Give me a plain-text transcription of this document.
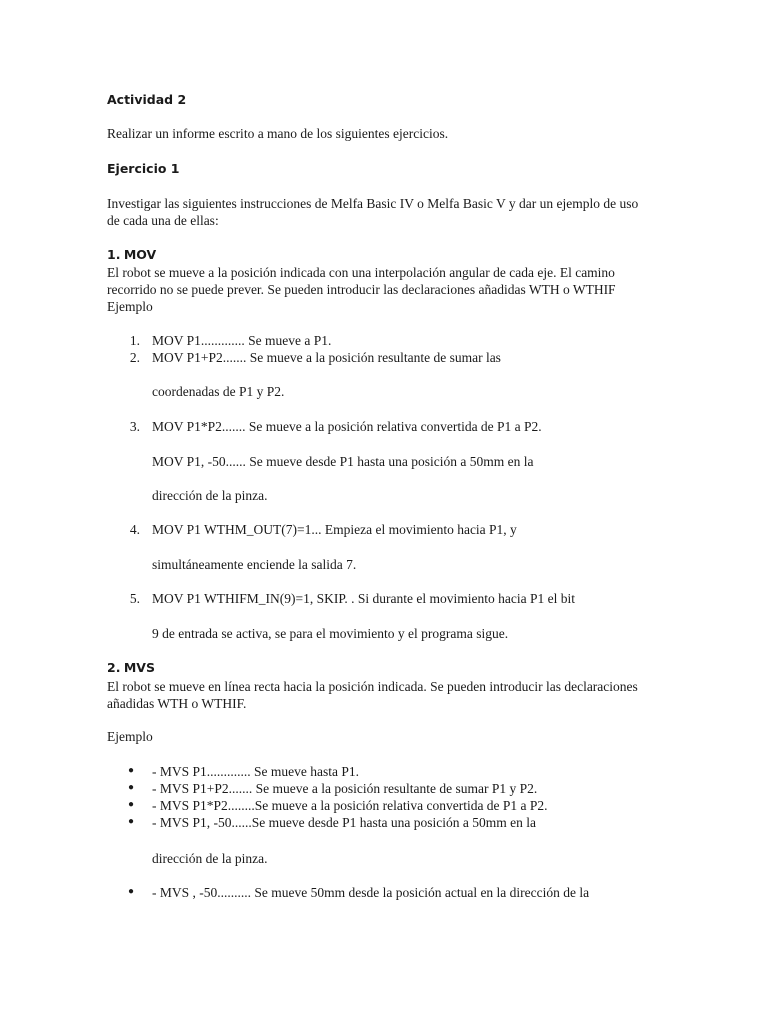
Actividad 2
Realizar un informe escrito a mano de los siguientes ejercicios.
Ejercicio 1
Investigar las siguientes instrucciones de Melfa Basic IV o Melfa Basic V y dar un ejemplo de uso
de cada una de ellas:
1. MOV
El robot se mueve a la posición indicada con una interpolación angular de cada eje. El camino
recorrido no se puede prever. Se pueden introducir las declaraciones añadidas WTH o WTHIF
Ejemplo
1. MOV P1............. Se mueve a P1.
2. MOV P1+P2....... Se mueve a la posición resultante de sumar las
coordenadas de P1 y P2.
3. MOV P1*P2....... Se mueve a la posición relativa convertida de P1 a P2.
MOV P1, -50...... Se mueve desde P1 hasta una posición a 50mm en la
dirección de la pinza.
4. MOV P1 WTHM_OUT(7)=1... Empieza el movimiento hacia P1, y
simultáneamente enciende la salida 7.
5. MOV P1 WTHIFM_IN(9)=1, SKIP. . Si durante el movimiento hacia P1 el bit
9 de entrada se activa, se para el movimiento y el programa sigue.
2. MVS
El robot se mueve en línea recta hacia la posición indicada. Se pueden introducir las declaraciones
añadidas WTH o WTHIF.
Ejemplo
● - MVS P1............. Se mueve hasta P1.
● - MVS P1+P2....... Se mueve a la posición resultante de sumar P1 y P2.
● - MVS P1*P2........Se mueve a la posición relativa convertida de P1 a P2.
● - MVS P1, -50......Se mueve desde P1 hasta una posición a 50mm en la
dirección de la pinza.
● - MVS , -50.......... Se mueve 50mm desde la posición actual en la dirección de la
